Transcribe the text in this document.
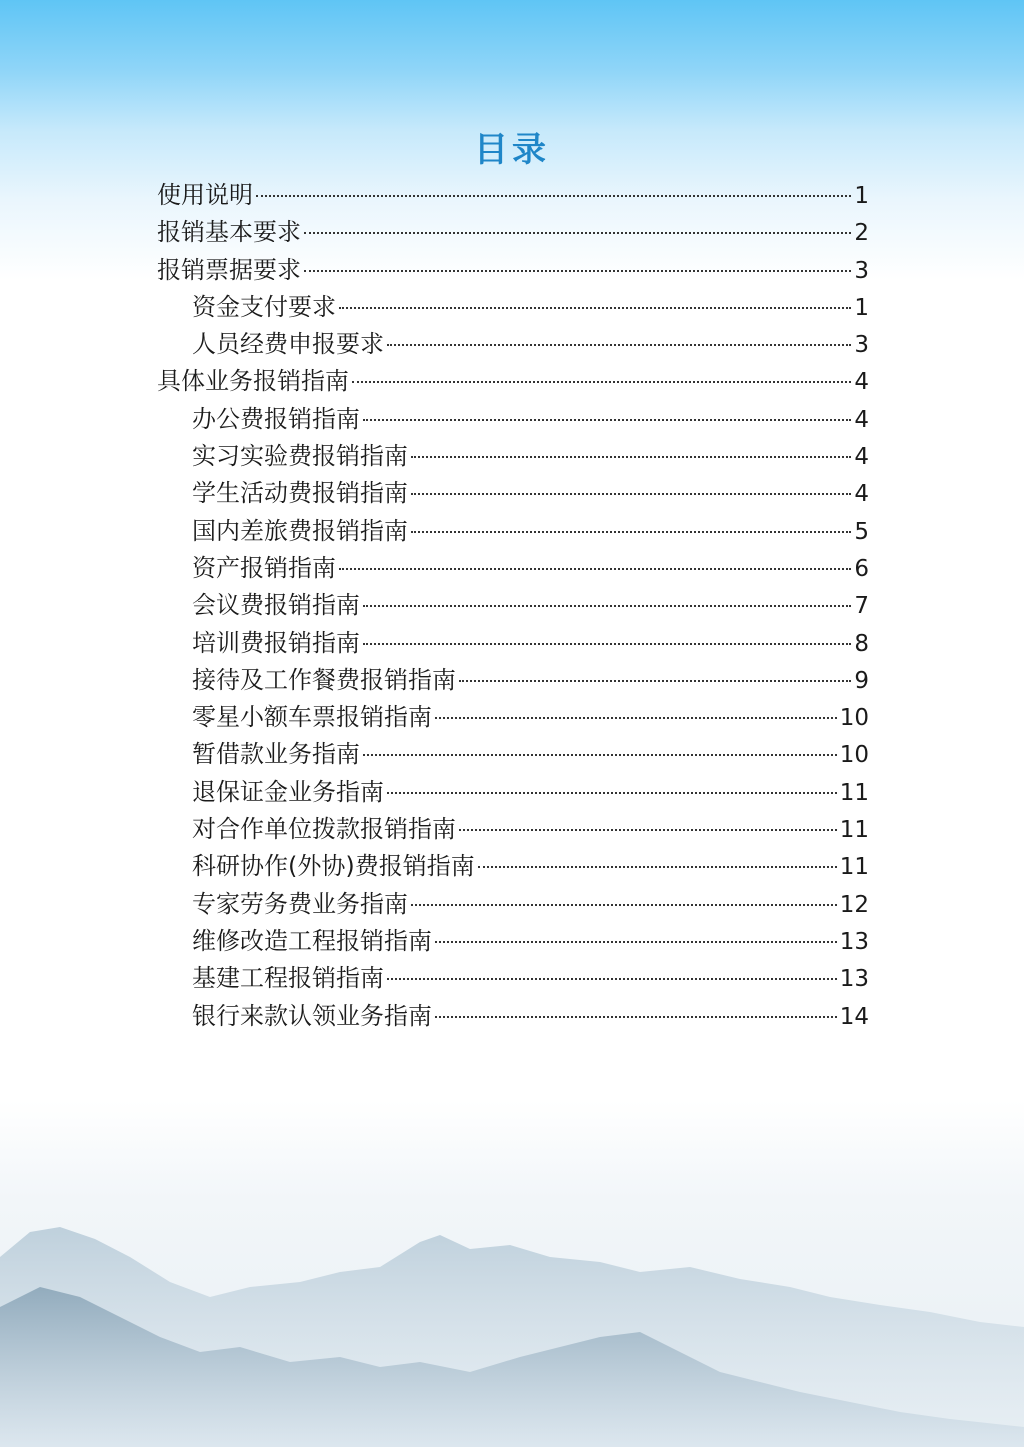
目录
使用说明	1
报销基本要求	2
报销票据要求	3
资金支付要求	1
人员经费申报要求	3
具体业务报销指南	4
办公费报销指南	4
实习实验费报销指南	4
学生活动费报销指南	4
国内差旅费报销指南	5
资产报销指南	6
会议费报销指南	7
培训费报销指南	8
接待及工作餐费报销指南	9
零星小额车票报销指南	10
暂借款业务指南	10
退保证金业务指南	11
对合作单位拨款报销指南	11
科研协作(外协)费报销指南	11
专家劳务费业务指南	12
维修改造工程报销指南	13
基建工程报销指南	13
银行来款认领业务指南	14
